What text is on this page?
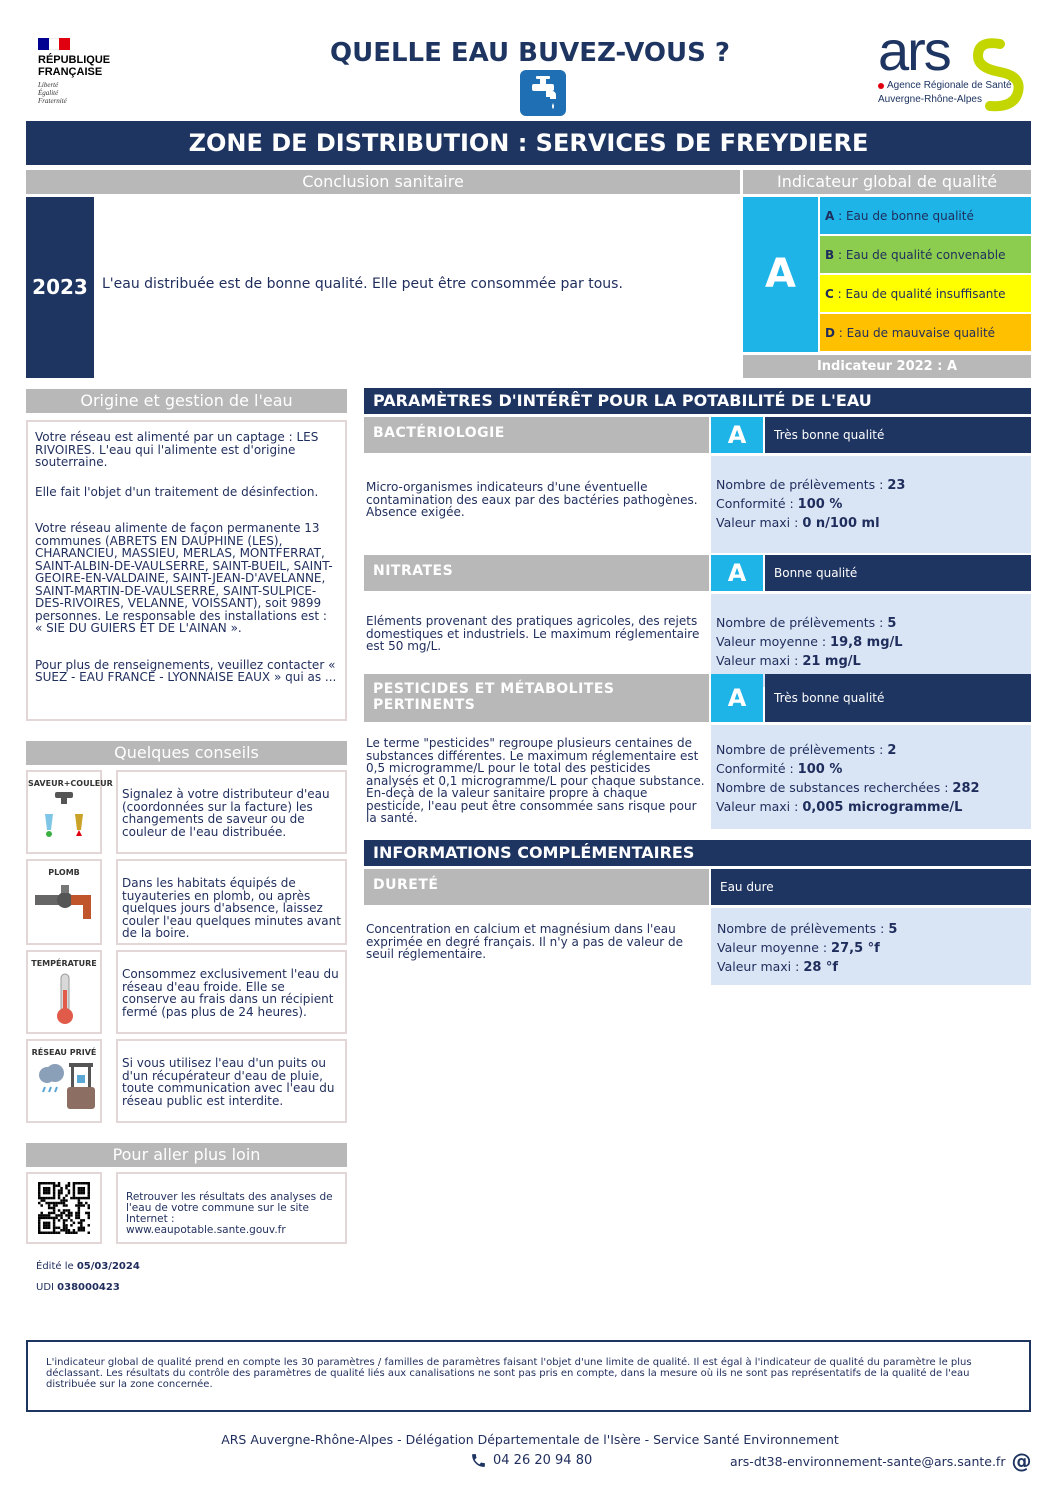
RÉPUBLIQUE
FRANÇAISE
Liberté
Égalité
Fraternité
QUELLE EAU BUVEZ-VOUS ?	ars
Agence Régionale de Santé
Auvergne-Rhône-Alpes
ZONE DE DISTRIBUTION : SERVICES DE FREYDIERE
Conclusion sanitaire	Indicateur global de qualité
2023	L'eau distribuée est de bonne qualité. Elle peut être consommée par tous.	A
A : Eau de bonne qualité
B : Eau de qualité convenable
C : Eau de qualité insuffisante
D : Eau de mauvaise qualité
Indicateur 2022 : A
Origine et gestion de l'eau

Votre réseau est alimenté par un captage : LES RIVOIRES. L'eau qui l'alimente est d'origine souterraine.

Elle fait l'objet d'un traitement de désinfection.

Votre réseau alimente de façon permanente 13 communes (ABRETS EN DAUPHINE (LES), CHARANCIEU, MASSIEU, MERLAS, MONTFERRAT, SAINT-ALBIN-DE-VAULSERRE, SAINT-BUEIL, SAINT-GEOIRE-EN-VALDAINE, SAINT-JEAN-D'AVELANNE, SAINT-MARTIN-DE-VAULSERRE, SAINT-SULPICE-DES-RIVOIRES, VELANNE, VOISSANT), soit 9899 personnes. Le responsable des installations est : « SIE DU GUIERS ET DE L'AINAN ».

Pour plus de renseignements, veuillez contacter « SUEZ - EAU FRANCE - LYONNAISE EAUX » qui as ...

Quelques conseils
SAVEUR+COULEUR
Signalez à votre distributeur d'eau (coordonnées sur la facture) les changements de saveur ou de couleur de l'eau distribuée.
PLOMB
Dans les habitats équipés de tuyauteries en plomb, ou après quelques jours d'absence, laissez couler l'eau quelques minutes avant de la boire.
TEMPÉRATURE
Consommez exclusivement l'eau du réseau d'eau froide. Elle se conserve au frais dans un récipient fermé (pas plus de 24 heures).
RÉSEAU PRIVÉ
Si vous utilisez l'eau d'un puits ou d'un récupérateur d'eau de pluie, toute communication avec l'eau du réseau public est interdite.
Pour aller plus loin
Retrouver les résultats des analyses de l'eau de votre commune sur le site Internet : www.eaupotable.sante.gouv.fr
Édité le 05/03/2024
UDI 038000423
PARAMÈTRES D'INTÉRÊT POUR LA POTABILITÉ DE L'EAU
BACTÉRIOLOGIE	A	Très bonne qualité
Micro-organismes indicateurs d'une éventuelle contamination des eaux par des bactéries pathogènes. Absence exigée.
Nombre de prélèvements : 23
Conformité : 100 %
Valeur maxi : 0 n/100 ml
NITRATES	A	Bonne qualité
Eléments provenant des pratiques agricoles, des rejets domestiques et industriels. Le maximum réglementaire est 50 mg/L.
Nombre de prélèvements : 5
Valeur moyenne : 19,8 mg/L
Valeur maxi : 21 mg/L
PESTICIDES ET MÉTABOLITES PERTINENTS	A	Très bonne qualité
Le terme "pesticides" regroupe plusieurs centaines de substances différentes. Le maximum réglementaire est 0,5 microgramme/L pour le total des pesticides analysés et 0,1 microgramme/L pour chaque substance. En-deçà de la valeur sanitaire propre à chaque pesticide, l'eau peut être consommée sans risque pour la santé.
Nombre de prélèvements : 2
Conformité : 100 %
Nombre de substances recherchées : 282
Valeur maxi : 0,005 microgramme/L
INFORMATIONS COMPLÉMENTAIRES
DURETÉ	Eau dure
Concentration en calcium et magnésium dans l'eau exprimée en degré français. Il n'y a pas de valeur de seuil réglementaire.
Nombre de prélèvements : 5
Valeur moyenne : 27,5 °f
Valeur maxi : 28 °f

L'indicateur global de qualité prend en compte les 30 paramètres / familles de paramètres faisant l'objet d'une limite de qualité. Il est égal à l'indicateur de qualité du paramètre le plus déclassant. Les résultats du contrôle des paramètres de qualité liés aux canalisations ne sont pas pris en compte, dans la mesure où ils ne sont pas représentatifs de la qualité de l'eau distribuée sur la zone concernée.

ARS Auvergne-Rhône-Alpes - Délégation Départementale de l'Isère - Service Santé Environnement
04 26 20 94 80	ars-dt38-environnement-sante@ars.sante.fr @
